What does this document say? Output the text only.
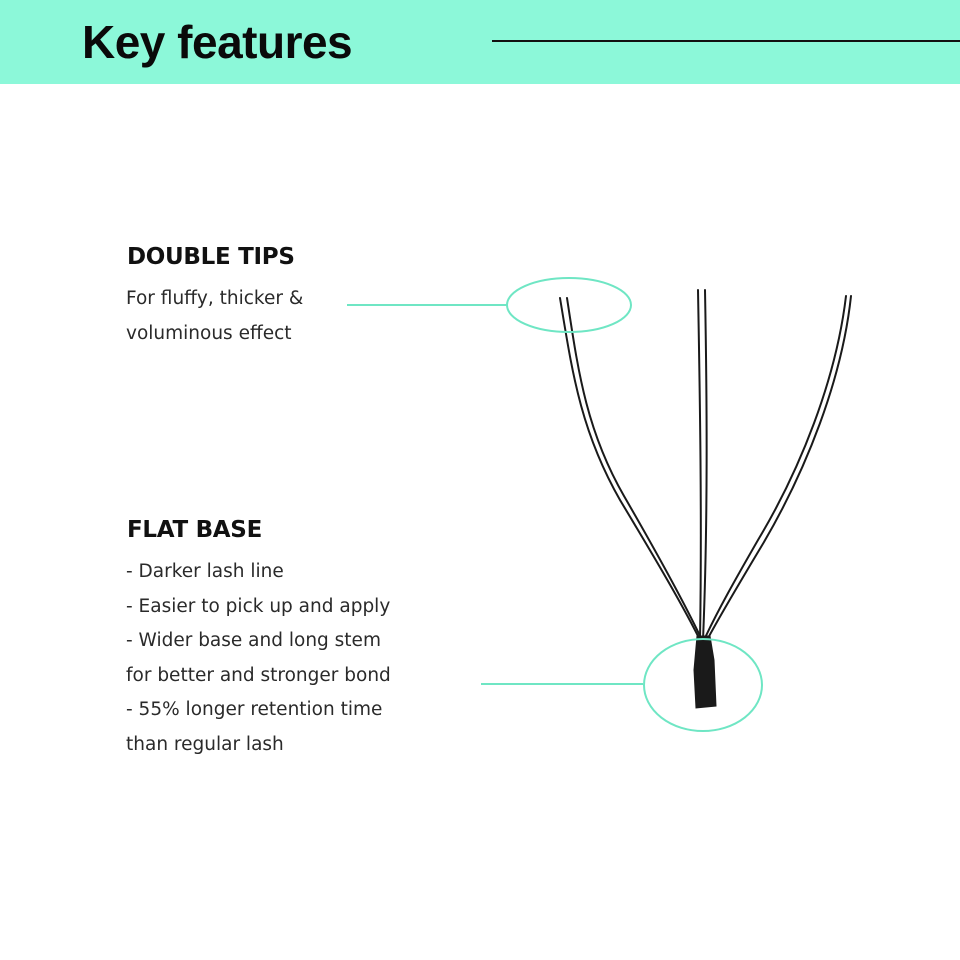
Key features
DOUBLE TIPS
For fluffy, thicker &
voluminous effect
FLAT BASE
- Darker lash line
- Easier to pick up and apply
- Wider base and long stem
for better and stronger bond
- 55% longer retention time
than regular lash
